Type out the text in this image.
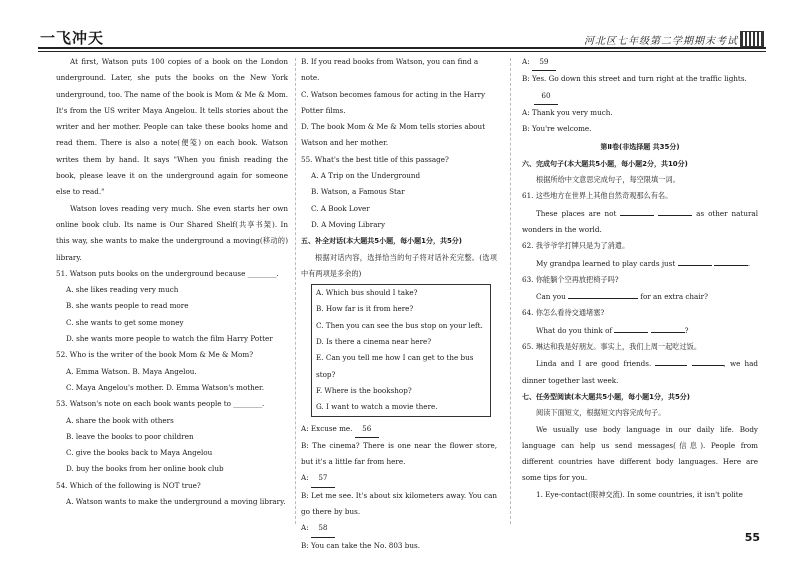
一飞冲天	河北区七年级第二学期期末考试

At first, Watson puts 100 copies of a book on the London underground. Later, she puts the books on the New York underground, too. The name of the book is Mom & Me & Mom. It's from the US writer Maya Angelou. It tells stories about the writer and her mother. People can take these books home and read them. There is also a note(便笺) on each book. Watson writes them by hand. It says "When you finish reading the book, please leave it on the underground again for someone else to read."

Watson loves reading very much. She even starts her own online book club. Its name is Our Shared Shelf(共享书架). In this way, she wants to make the underground a moving(移动的) library.

51. Watson puts books on the underground because ________.

A. she likes reading very much

B. she wants people to read more

C. she wants to get some money

D. she wants more people to watch the film Harry Potter

52. Who is the writer of the book Mom & Me & Mom?

A. Emma Watson. B. Maya Angelou.

C. Maya Angelou's mother. D. Emma Watson's mother.

53. Watson's note on each book wants people to ________.

A. share the book with others

B. leave the books to poor children

C. give the books back to Maya Angelou

D. buy the books from her online book club

54. Which of the following is NOT true?

A. Watson wants to make the underground a moving library.

B. If you read books from Watson, you can find a note.

C. Watson becomes famous for acting in the Harry Potter films.

D. The book Mom & Me & Mom tells stories about Watson and her mother.

55. What's the best title of this passage?

A. A Trip on the Underground

B. Watson, a Famous Star

C. A Book Lover

D. A Moving Library

五、补全对话(本大题共5小题，每小题1分，共5分)

根据对话内容，选择恰当的句子将对话补充完整。(选项中有两项是多余的)

A. Which bus should I take?

B. How far is it from here?

C. Then you can see the bus stop on your left.

D. Is there a cinema near here?

E. Can you tell me how I can get to the bus stop?

F. Where is the bookshop?

G. I want to watch a movie there.

A: Excuse me. 56

B: The cinema? There is one near the flower store, but it's a little far from here.

A: 57

B: Let me see. It's about six kilometers away. You can go there by bus.

A: 58

B: You can take the No. 803 bus.

A: 59

B: Yes. Go down this street and turn right at the traffic lights.

60

A: Thank you very much.

B: You're welcome.

第Ⅱ卷(非选择题 共35分)

六、完成句子(本大题共5小题，每小题2分，共10分)

根据所给中文意思完成句子，每空限填一词。

61. 这些地方在世界上其他自然奇观那么有名。

These places are not	as other natural wonders in the world.

62. 我爷爷学打牌只是为了消遣。

My grandpa learned to play cards just	.

63. 你能躺个空再放把椅子吗?

Can you	for an extra chair?

64. 你怎么看待交通堵塞?

What do you think of	?

65. 琳达和我是好朋友。事实上，我们上周一起吃过饭。

Linda and I are good friends.	, we had dinner together last week.

七、任务型阅读(本大题共5小题，每小题1分，共5分)

阅读下面短文，根据短文内容完成句子。

We usually use body language in our daily life. Body language can help us send messages(信息). People from different countries have different body languages. Here are some tips for you.

1. Eye-contact(眼神交流). In some countries, it isn't polite

55
